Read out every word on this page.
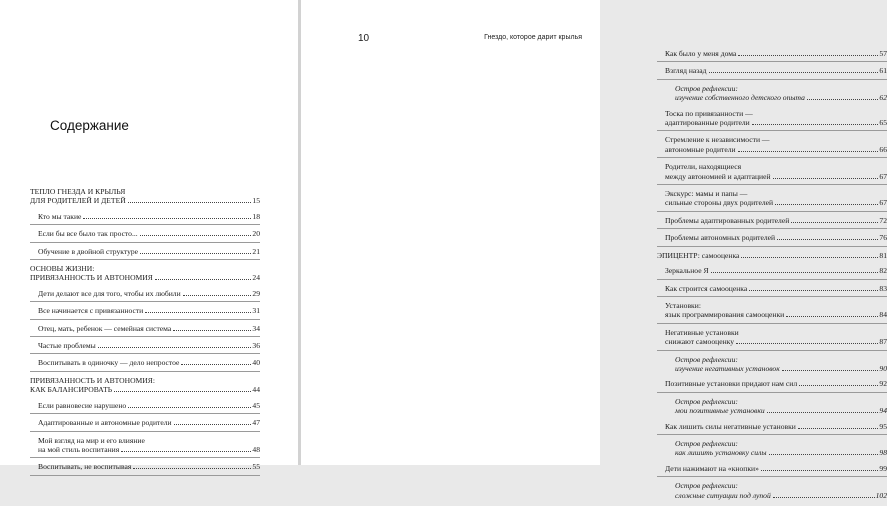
Содержание
ТЕПЛО ГНЕЗДА И КРЫЛЬЯ
ДЛЯ РОДИТЕЛЕЙ И ДЕТЕЙ	15
Кто мы такие	18
Если бы все было так просто...	20
Обучение в двойной структуре	21
ОСНОВЫ ЖИЗНИ:
ПРИВЯЗАННОСТЬ И АВТОНОМИЯ	24
Дети делают все для того, чтобы их любили	29
Все начинается с привязанности	31
Отец, мать, ребенок — семейная система	34
Частые проблемы	36
Воспитывать в одиночку — дело непростое	40
ПРИВЯЗАННОСТЬ И АВТОНОМИЯ:
КАК БАЛАНСИРОВАТЬ	44
Если равновесие нарушено	45
Адаптированные и автономные родители	47
Мой взгляд на мир и его влияние
на мой стиль воспитания	48
Воспитывать, не воспитывая	55
Как было у меня дома	57
Взгляд назад	61
Остров рефлексии:
изучение собственного детского опыта	62
Тоска по привязанности —
адаптированные родители	65
Стремление к независимости —
автономные родители	66
Родители, находящиеся
между автономией и адаптацией	67
Экскурс: мамы и папы —
сильные стороны двух родителей	67
Проблемы адаптированных родителей	72
Проблемы автономных родителей	76
ЭПИЦЕНТР: самооценка	81
Зеркальное Я	82
Как строится самооценка	83
Установки:
язык программирования самооценки	84
Негативные установки
снижают самооценку	87
Остров рефлексии:
изучение негативных установок	90
Позитивные установки придают нам сил	92
Остров рефлексии:
мои позитивные установки	94
Как лишить силы негативные установки	95
Остров рефлексии:
как лишить установку силы	98
Дети нажимают на «кнопки»	99
Остров рефлексии:
сложные ситуации под лупой	102
10	Гнездо, которое дарит крылья
